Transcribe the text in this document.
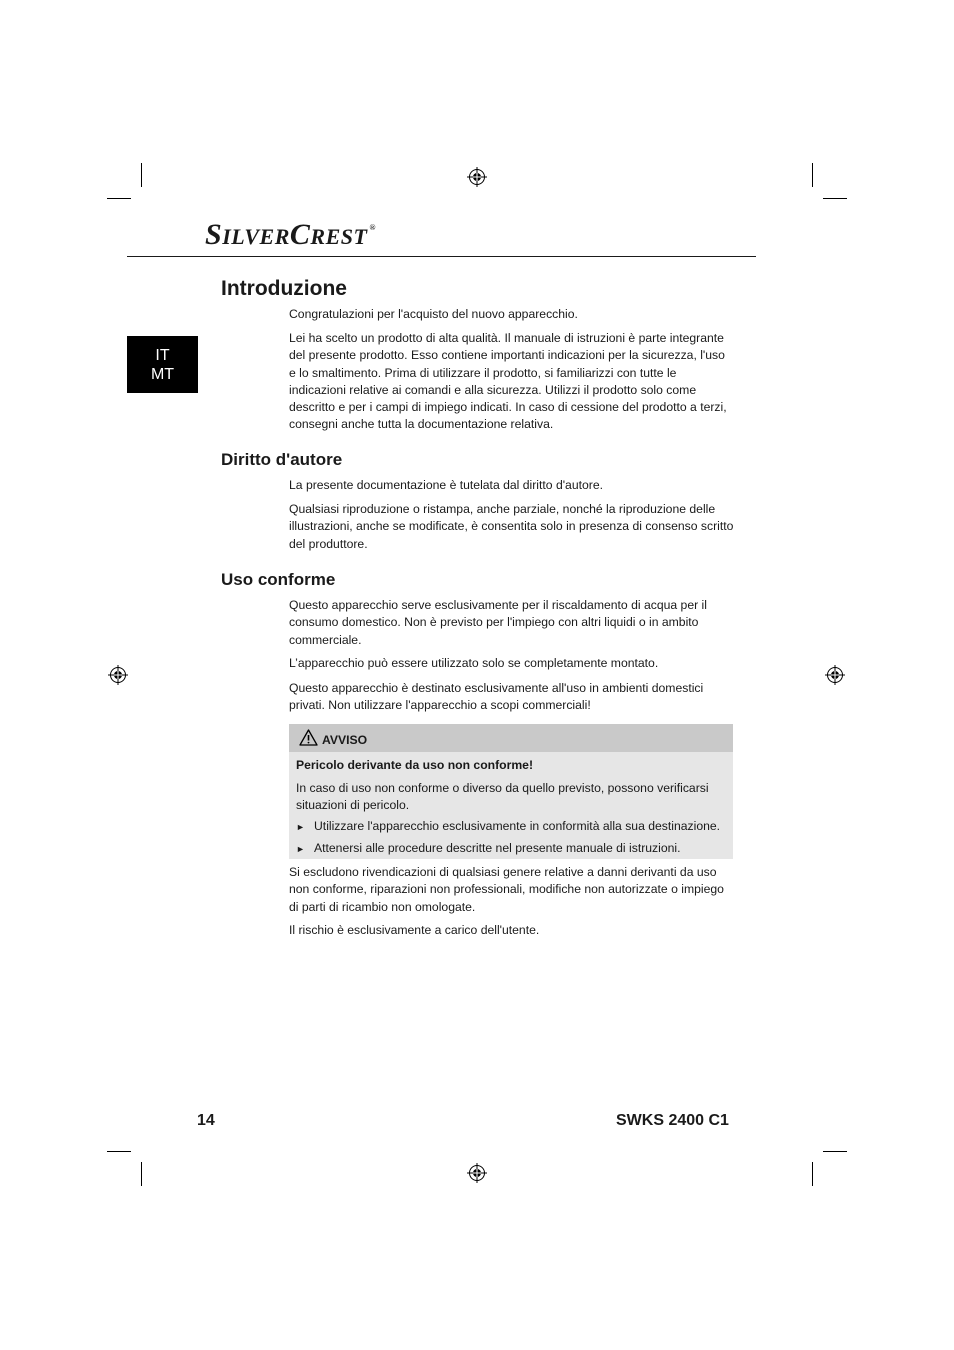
SILVERCREST ®
IT
MT
Introduzione

Congratulazioni per l'acquisto del nuovo apparecchio.

Lei ha scelto un prodotto di alta qualità. Il manuale di istruzioni è parte integrante del presente prodotto. Esso contiene importanti indicazioni per la sicurezza, l'uso e lo smaltimento. Prima di utilizzare il prodotto, si familiarizzi con tutte le indicazioni relative ai comandi e alla sicurezza. Utilizzi il prodotto solo come descritto e per i campi di impiego indicati. In caso di cessione del prodotto a terzi, consegni anche tutta la documentazione relativa.

Diritto d'autore

La presente documentazione è tutelata dal diritto d'autore.

Qualsiasi riproduzione o ristampa, anche parziale, nonché la riproduzione delle illustrazioni, anche se modificate, è consentita solo in presenza di consenso scritto del produttore.

Uso conforme

Questo apparecchio serve esclusivamente per il riscaldamento di acqua per il consumo domestico. Non è previsto per l'impiego con altri liquidi o in ambito commerciale.

L’apparecchio può essere utilizzato solo se completamente montato.

Questo apparecchio è destinato esclusivamente all'uso in ambienti domestici privati. Non utilizzare l'apparecchio a scopi commerciali!

AVVISO
Pericolo derivante da uso non conforme!

In caso di uso non conforme o diverso da quello previsto, possono verificarsi situazioni di pericolo.

► Utilizzare l'apparecchio esclusivamente in conformità alla sua destinazione.
► Attenersi alle procedure descritte nel presente manuale di istruzioni.

Si escludono rivendicazioni di qualsiasi genere relative a danni derivanti da uso non conforme, riparazioni non professionali, modifiche non autorizzate o impiego di parti di ricambio non omologate.

Il rischio è esclusivamente a carico dell'utente.

14	SWKS 2400 C1
